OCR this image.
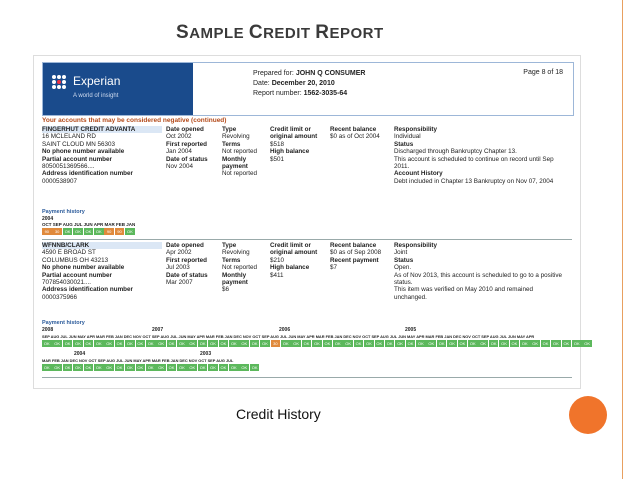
SAMPLE CREDIT REPORT
Experian
A world of insight
Prepared for: JOHN Q CONSUMER
Date: December 20, 2010
Report number: 1562-3035-64
Page 8 of 18
Your accounts that may be considered negative (continued)
FINGERHUT CREDIT ADVANTA
16 MCLELAND RD
SAINT CLOUD MN 56303
No phone number available
Partial account number
8050051369566....
Address identification number
0000538907
Date opened
Oct 2002
First reported
Jan 2004
Date of status
Nov 2004
Type
Revolving
Terms
Not reported
Monthly
payment
Not reported
Credit limit or
original amount
$518
High balance
$501
Recent balance
$0 as of Oct 2004
Responsibility
Individual
Status
Discharged through Bankruptcy Chapter 13.
This account is scheduled to continue on record until Sep
2011.
Account History
Debt included in Chapter 13 Bankruptcy on Nov 07, 2004
Payment history
2004
OCT SEP AUG JUL JUN APR MAR FEB JAN
90	30	OK	OK	OK	OK	90	90	OK
WFNNB/CLARK
4590 E BROAD ST
COLUMBUS OH 43213
No phone number available
Partial account number
707854030021....
Address identification number
0000375966
Date opened
Apr 2002
First reported
Jul 2003
Date of status
Mar 2007
Type
Revolving
Terms
Not reported
Monthly
payment
$6
Credit limit or
original amount
$210
High balance
$411
Recent balance
$0 as of Sep 2008
Recent payment
$7
Responsibility
Joint
Status
Open.
As of Nov 2013, this account is scheduled to go to a positive
status.
This item was verified on May 2010 and remained
unchanged.
Payment history
2008	2007	2006	2005
SEP AUG JUL JUN MAY APR MAR FEB JAN DEC NOV OCT SEP AUG JUL JUN MAY APR MAR FEB JAN DEC NOV OCT SEP AUG JUL JUN MAY APR MAR FEB JAN DEC NOV OCT SEP AUG JUL JUN MAY APR MAR FEB JAN DEC NOV OCT SEP AUG JUL JUN MAY APR
OK	OK	OK	OK	OK	OK	OK	OK	OK	OK	OK	OK	OK	OK	OK	OK	OK	OK	OK	OK	OK	OK	30	OK	OK	OK	OK	OK	OK	OK	OK	OK	OK	OK	OK	OK	OK	OK	OK	OK	OK	OK	OK	OK	OK	OK	OK	OK	OK	OK	OK	OK	OK
2004	2003
MAR FEB JAN DEC NOV OCT SEP AUG JUL JUN MAY APR MAR FEB JAN DEC NOV OCT SEP AUG JUL
OK	OK	OK	OK	OK	OK	OK	OK	OK	OK	OK	OK	OK	OK	OK	OK	OK	OK	OK	OK	OK
Credit History
